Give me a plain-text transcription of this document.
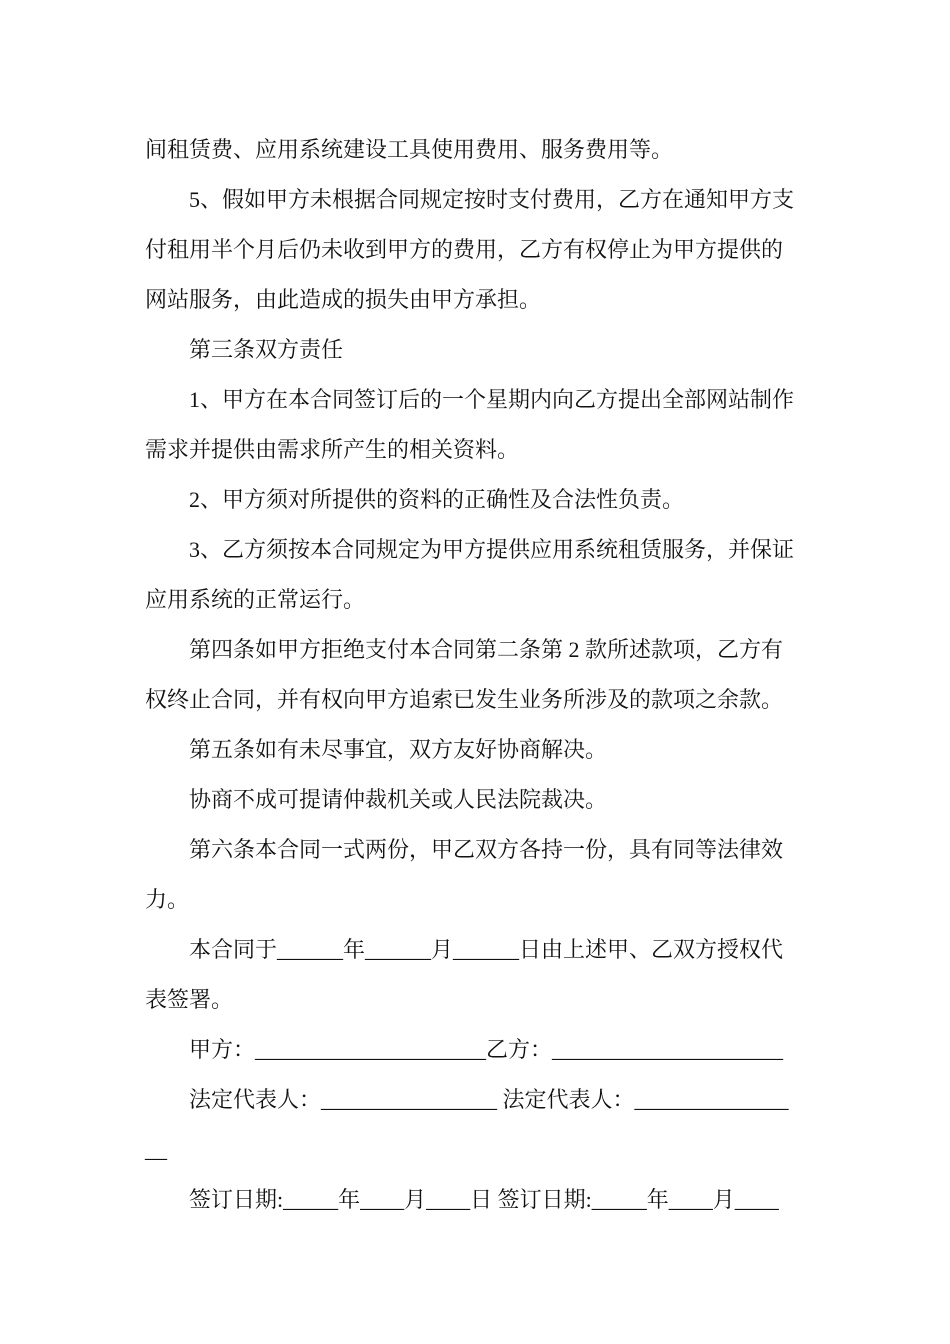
间租赁费、应用系统建设工具使用费用、服务费用等。
5、假如甲方未根据合同规定按时支付费用，乙方在通知甲方支
付租用半个月后仍未收到甲方的费用，乙方有权停止为甲方提供的
网站服务，由此造成的损失由甲方承担。
第三条双方责任
1、甲方在本合同签订后的一个星期内向乙方提出全部网站制作
需求并提供由需求所产生的相关资料。
2、甲方须对所提供的资料的正确性及合法性负责。
3、乙方须按本合同规定为甲方提供应用系统租赁服务，并保证
应用系统的正常运行。
第四条如甲方拒绝支付本合同第二条第 2 款所述款项，乙方有
权终止合同，并有权向甲方追索已发生业务所涉及的款项之余款。
第五条如有未尽事宜，双方友好协商解决。
协商不成可提请仲裁机关或人民法院裁决。
第六条本合同一式两份，甲乙双方各持一份，具有同等法律效
力。
本合同于______年______月______日由上述甲、乙双方授权代
表签署。
甲方：_____________________乙方：_____________________
法定代表人：________________ 法定代表人：______________
__
签订日期:_____年____月____日 签订日期:_____年____月____
